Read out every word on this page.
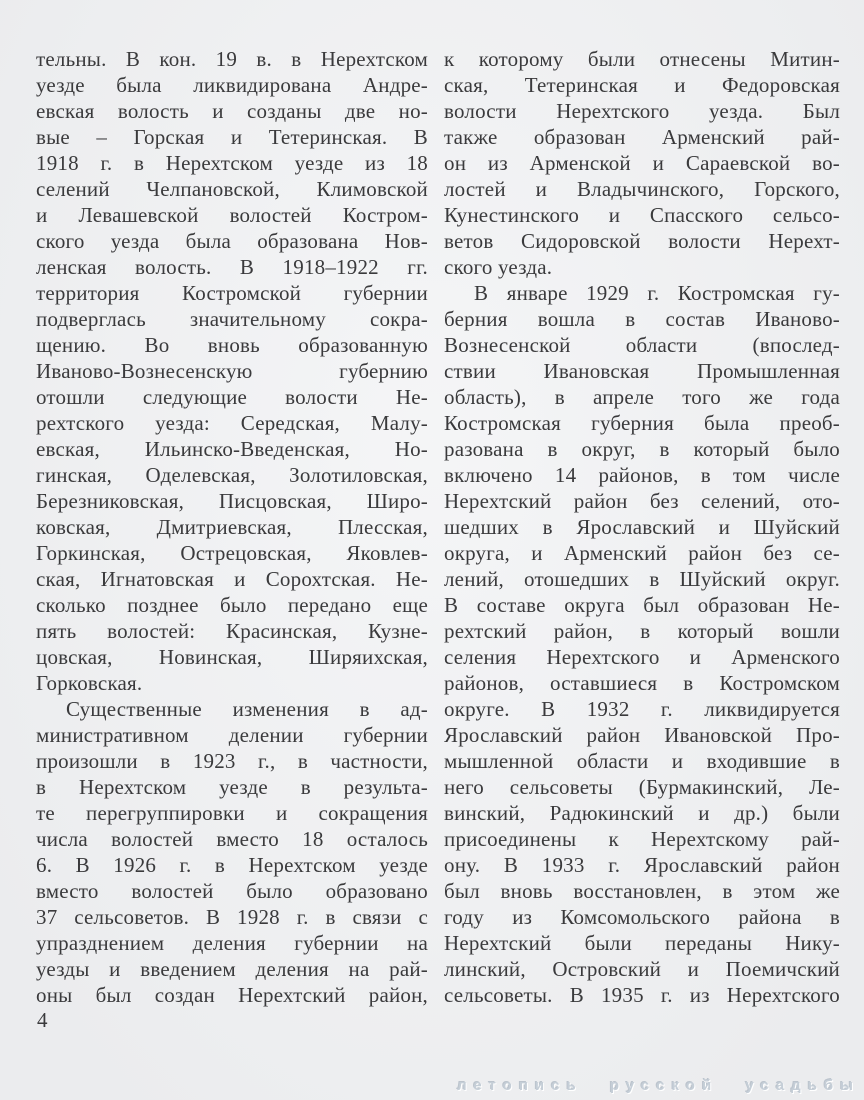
тельны. В кон. 19 в. в Нерехтском
уезде была ликвидирована Андре-
евская волость и созданы две но-
вые – Горская и Тетеринская. В
1918 г. в Нерехтском уезде из 18
селений Челпановской, Климовской
и Левашевской волостей Костром-
ского уезда была образована Нов-
ленская волость. В 1918–1922 гг.
территория Костромской губернии
подверглась значительному сокра-
щению. Во вновь образованную
Иваново-Вознесенскую губернию
отошли следующие волости Не-
рехтского уезда: Середская, Малу-
евская, Ильинско-Введенская, Но-
гинская, Оделевская, Золотиловская,
Березниковская, Писцовская, Широ-
ковская, Дмитриевская, Плесская,
Горкинская, Острецовская, Яковлев-
ская, Игнатовская и Сорохтская. Не-
сколько позднее было передано еще
пять волостей: Красинская, Кузне-
цовская, Новинская, Ширяихская,
Горковская.
Существенные изменения в ад-
министративном делении губернии
произошли в 1923 г., в частности,
в Нерехтском уезде в результа-
те перегруппировки и сокращения
числа волостей вместо 18 осталось
6. В 1926 г. в Нерехтском уезде
вместо волостей было образовано
37 сельсоветов. В 1928 г. в связи с
упразднением деления губернии на
уезды и введением деления на рай-
оны был создан Нерехтский район,
к которому были отнесены Митин-
ская, Тетеринская и Федоровская
волости Нерехтского уезда. Был
также образован Арменский рай-
он из Арменской и Сараевской во-
лостей и Владычинского, Горского,
Кунестинского и Спасского сельсо-
ветов Сидоровской волости Нерехт-
ского уезда.
В январе 1929 г. Костромская гу-
берния вошла в состав Иваново-
Вознесенской области (впослед-
ствии Ивановская Промышленная
область), в апреле того же года
Костромская губерния была преоб-
разована в округ, в который было
включено 14 районов, в том числе
Нерехтский район без селений, ото-
шедших в Ярославский и Шуйский
округа, и Арменский район без се-
лений, отошедших в Шуйский округ.
В составе округа был образован Не-
рехтский район, в который вошли
селения Нерехтского и Арменского
районов, оставшиеся в Костромском
округе. В 1932 г. ликвидируется
Ярославский район Ивановской Про-
мышленной области и входившие в
него сельсоветы (Бурмакинский, Ле-
винский, Радюкинский и др.) были
присоединены к Нерехтскому рай-
ону. В 1933 г. Ярославский район
был вновь восстановлен, в этом же
году из Комсомольского района в
Нерехтский были переданы Нику-
линский, Островский и Поемичский
сельсоветы. В 1935 г. из Нерехтского
4
летопись русской усадьбы
